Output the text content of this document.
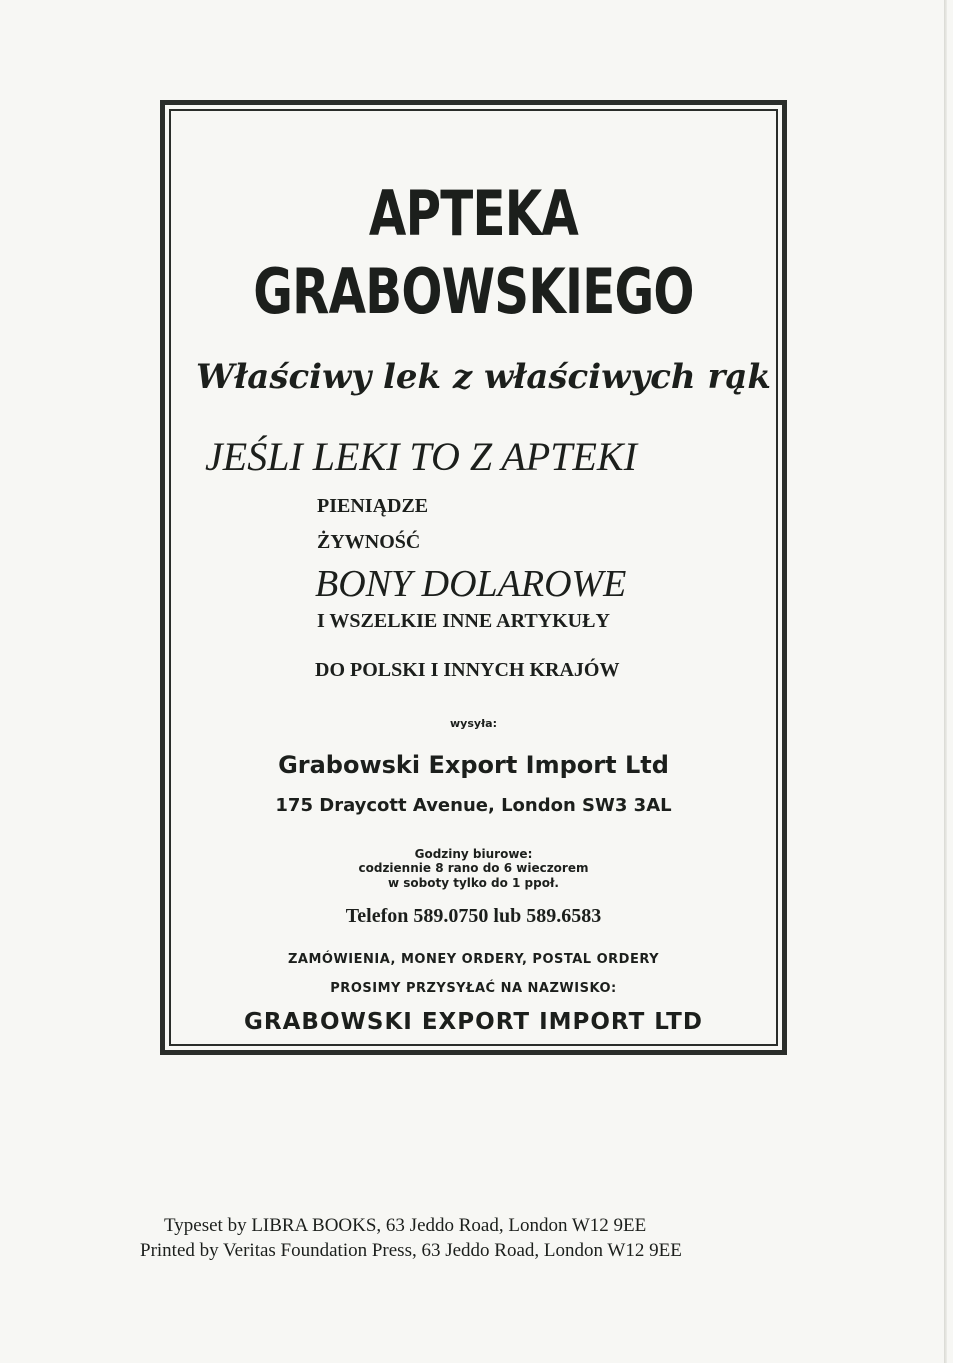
APTEKA
GRABOWSKIEGO
Właściwy lek z właściwych rąk
JEŚLI LEKI TO Z APTEKI
PIENIĄDZE
ŻYWNOŚĆ
BONY DOLAROWE
I WSZELKIE INNE ARTYKUŁY
DO POLSKI I INNYCH KRAJÓW
wysyła:
Grabowski Export Import Ltd
175 Draycott Avenue, London SW3 3AL
Godziny biurowe:
codziennie 8 rano do 6 wieczorem
w soboty tylko do 1 ppoł.
Telefon 589.0750 lub 589.6583
ZAMÓWIENIA, MONEY ORDERY, POSTAL ORDERY
PROSIMY PRZYSYŁAĆ NA NAZWISKO:
GRABOWSKI EXPORT IMPORT LTD
Typeset by LIBRA BOOKS, 63 Jeddo Road, London W12 9EE
Printed by Veritas Foundation Press, 63 Jeddo Road, London W12 9EE
